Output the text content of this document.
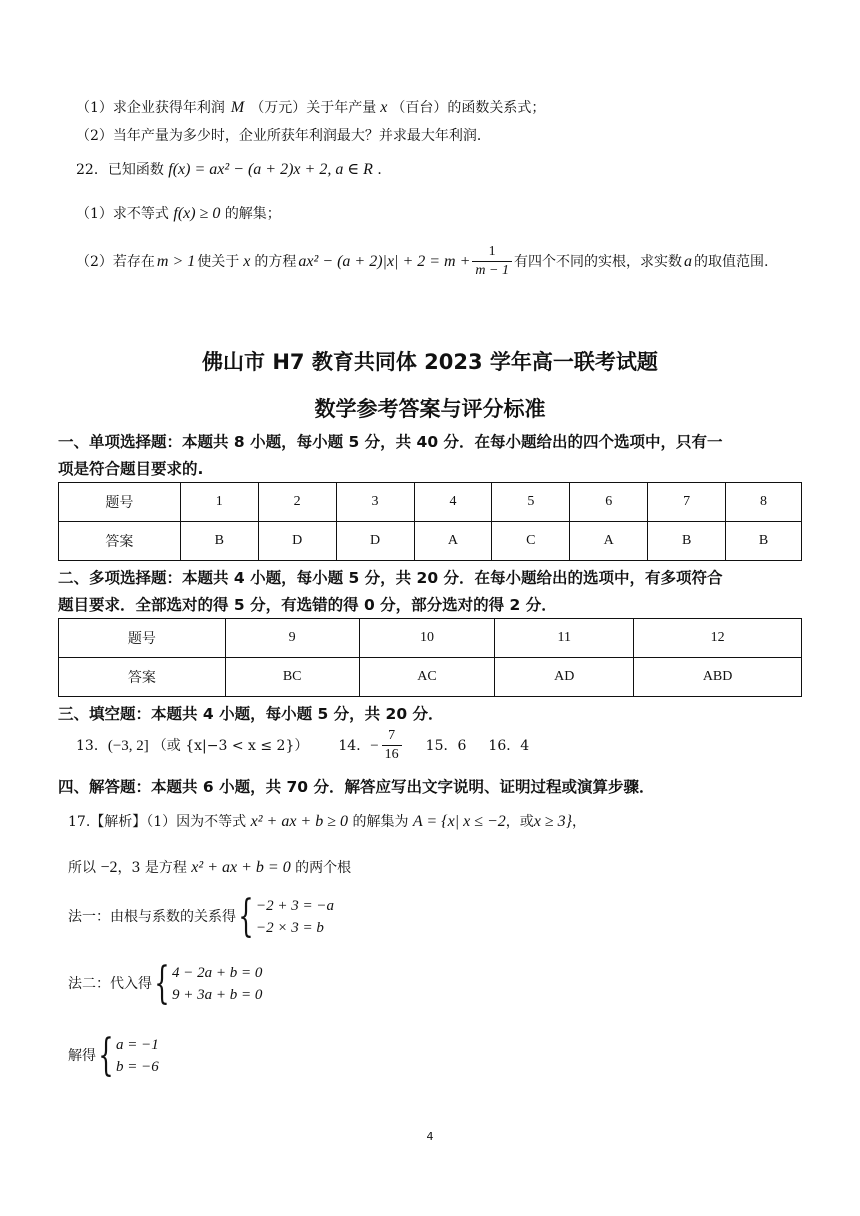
（1）求企业获得年利润 M （万元）关于年产量 x （百台）的函数关系式；
（2）当年产量为多少时，企业所获年利润最大？并求最大年利润．
22．已知函数 f(x) = ax² − (a + 2)x + 2, a ∈ R ．
（1）求不等式 f(x) ≥ 0 的解集；
（2）若存在 m > 1 使关于 x 的方程 $ax^2 - (a + 2)|x| + 2 = m + \frac{1}{m - 1}$ 有四个不同的实根，求实数 a 的取值范围.
佛山市 H7 教育共同体 2023 学年高一联考试题
数学参考答案与评分标准
一、单项选择题：本题共 8 小题，每小题 5 分，共 40 分．在每小题给出的四个选项中，只有一
项是符合题目要求的.
题号	1	2	3	4	5	6	7	8
答案	B	D	D	A	C	A	B	B
二、多项选择题：本题共 4 小题，每小题 5 分，共 20 分．在每小题给出的选项中，有多项符合
题目要求．全部选对的得 5 分，有选错的得 0 分，部分选对的得 2 分．
题号	9	10	11	12
答案	BC	AC	AD	ABD
三、填空题：本题共 4 小题，每小题 5 分，共 20 分．
13． (−3, 2] （或 {x|−3 < x ≤ 2}） 14． − $\frac{7}{16} 15$．6 16．4
四、解答题：本题共 6 小题，共 70 分．解答应写出文字说明、证明过程或演算步骤．
17.【解析】（1）因为不等式 x² + ax + b ≥ 0 的解集为 A = {x| x ≤ −2，或x ≥ 3}，
所以 −2，3 是方程 x² + ax + b = 0 的两个根
法一：由根与系数的关系得 { −2 + 3 = −a
−2 × 3 = b
法二：代入得 { 4 − 2a + b = 0
9 + 3a + b = 0
解得 { a = −1
b = −6
4
